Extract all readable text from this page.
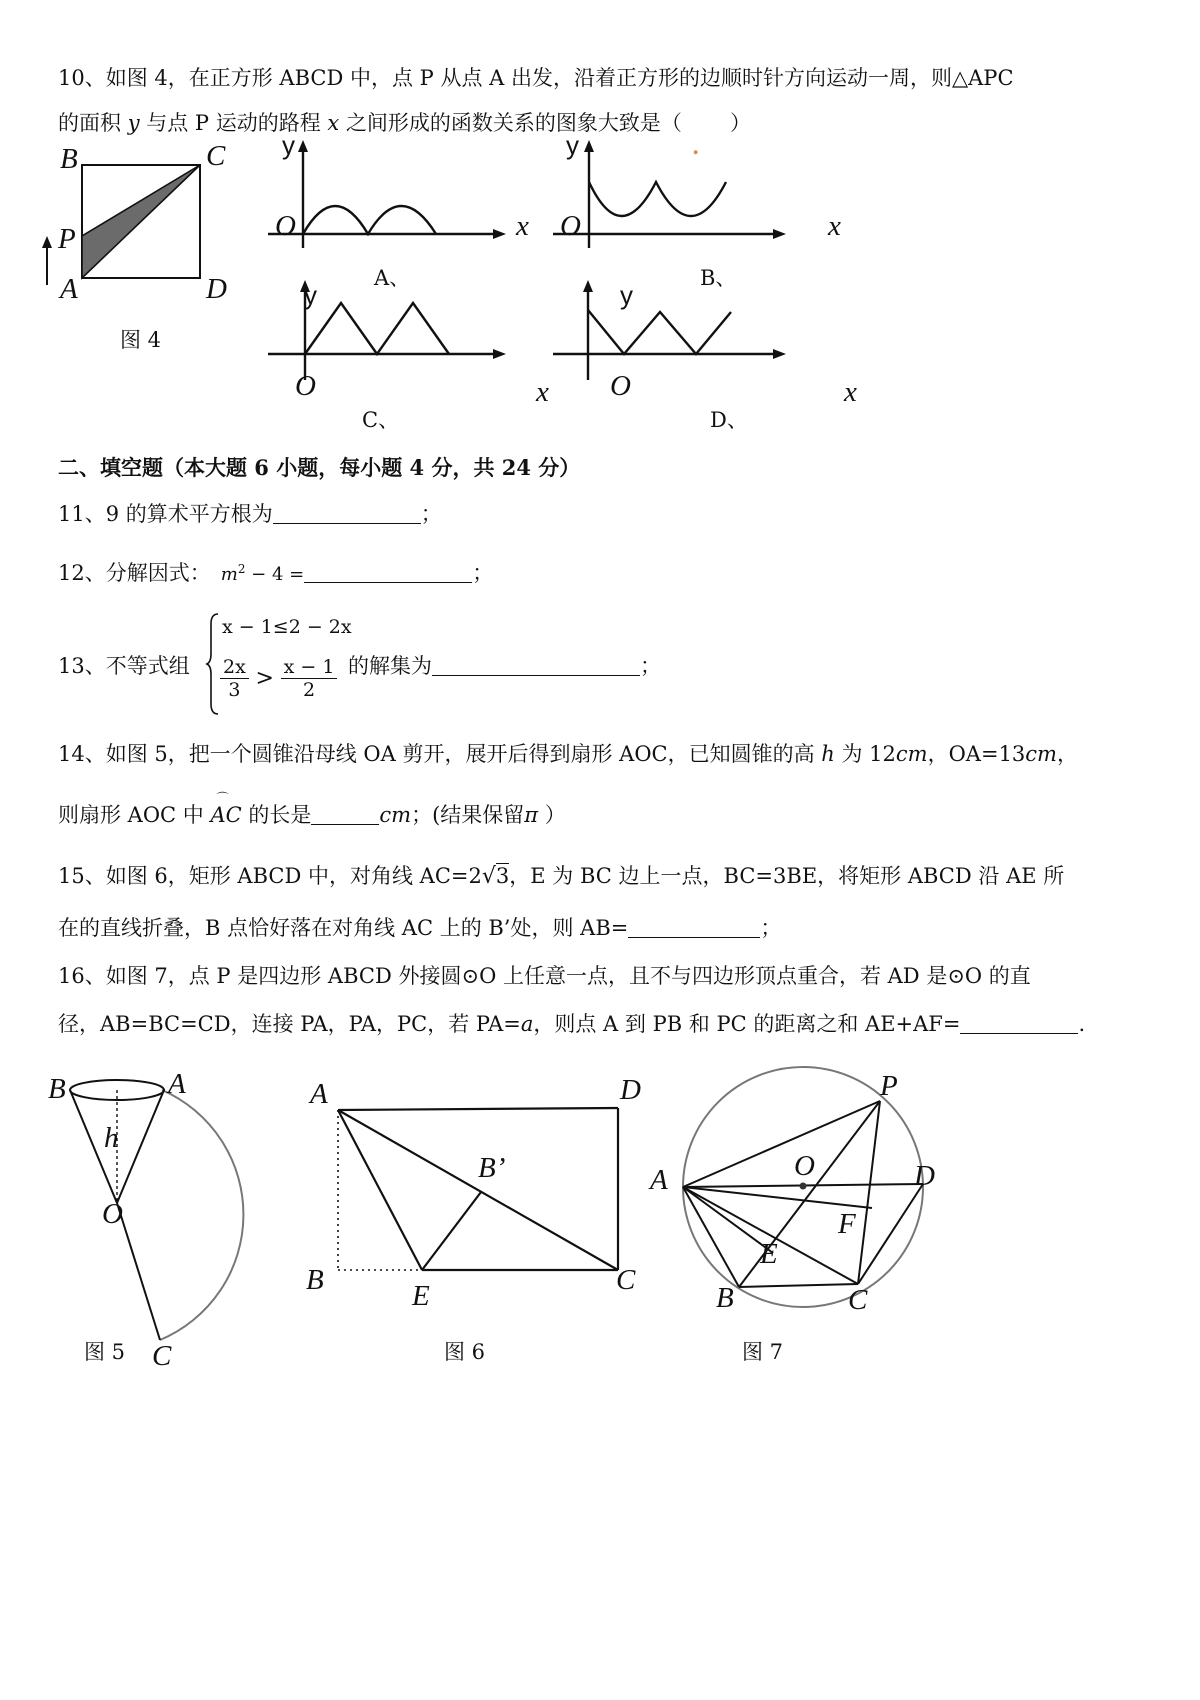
10、如图 4，在正方形 ABCD 中，点 P 从点 A 出发，沿着正方形的边顺时针方向运动一周，则△APC
的面积 y 与点 P 运动的路程 x 之间形成的函数关系的图象大致是（
.
）
B	C
P
A	D
图 4
y
O	x
A、
y
O	x
B、
y
O	x
C、
y
O	x
D、
二、填空题（本大题 6 小题，每小题 4 分，共 24 分）
11、9 的算术平方根为	；
12、分解因式： $m^2 - 4$ =	；
13、不等式组
x − 1≤2 − 2x
$\frac{2x}{3} > \frac{x - 1}{2}$ 的解集为	；
14、如图 5，把一个圆锥沿母线 OA 剪开，展开后得到扇形 AOC，已知圆锥的高 h 为 12cm，OA=13cm，
则扇形 AOC 中
⌒
AC 的长是	cm；(结果保留π ）
15、如图 6，矩形 ABCD 中，对角线 AC=2√3，E 为 BC 边上一点，BC=3BE，将矩形 ABCD 沿 AE 所
在的直线折叠，B 点恰好落在对角线 AC 上的 B’处，则 AB=	；
16、如图 7，点 P 是四边形 ABCD 外接圆⊙O 上任意一点，且不与四边形顶点重合，若 AD 是⊙O 的直
径，AB=BC=CD，连接 PA，PA，PC，若 PA=a，则点 A 到 PB 和 PC 的距离之和 AE+AF=	.
B	A
h
O
C
图 5
A	D
B’
B	E	C
图 6
P
O
A	D
F
E
B	C
图 7
